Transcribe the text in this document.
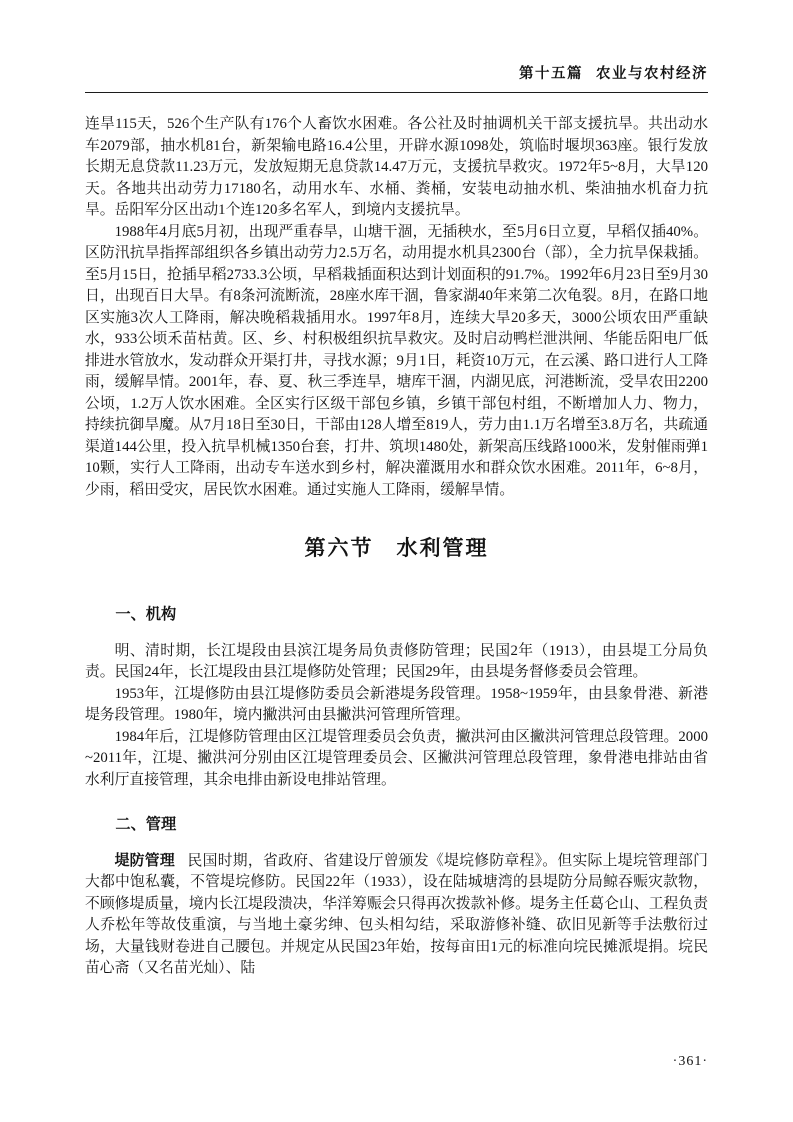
第十五篇 农业与农村经济

连旱115天，526个生产队有176个人畜饮水困难。各公社及时抽调机关干部支援抗旱。共出动水车2079部，抽水机81台，新架输电路16.4公里，开辟水源1098处，筑临时堰坝363座。银行发放长期无息贷款11.23万元，发放短期无息贷款14.47万元，支援抗旱救灾。1972年5~8月，大旱120天。各地共出动劳力17180名，动用水车、水桶、粪桶，安装电动抽水机、柴油抽水机奋力抗旱。岳阳军分区出动1个连120多名军人，到境内支援抗旱。

1988年4月底5月初，出现严重春旱，山塘干涸，无插秧水，至5月6日立夏，早稻仅插40%。区防汛抗旱指挥部组织各乡镇出动劳力2.5万名，动用提水机具2300台（部），全力抗旱保栽插。至5月15日，抢插早稻2733.3公顷，早稻栽插面积达到计划面积的91.7%。1992年6月23日至9月30日，出现百日大旱。有8条河流断流，28座水库干涸，鲁家湖40年来第二次龟裂。8月，在路口地区实施3次人工降雨，解决晚稻栽插用水。1997年8月，连续大旱20多天，3000公顷农田严重缺水，933公顷禾苗枯黄。区、乡、村积极组织抗旱救灾。及时启动鸭栏泄洪闸、华能岳阳电厂低排进水管放水，发动群众开渠打井，寻找水源；9月1日，耗资10万元，在云溪、路口进行人工降雨，缓解旱情。2001年，春、夏、秋三季连旱，塘库干涸，内湖见底，河港断流，受旱农田2200公顷，1.2万人饮水困难。全区实行区级干部包乡镇，乡镇干部包村组，不断增加人力、物力，持续抗御旱魔。从7月18日至30日，干部由128人增至819人，劳力由1.1万名增至3.8万名，共疏通渠道144公里，投入抗旱机械1350台套，打井、筑坝1480处，新架高压线路1000米，发射催雨弹110颗，实行人工降雨，出动专车送水到乡村，解决灌溉用水和群众饮水困难。2011年，6~8月，少雨，稻田受灾，居民饮水困难。通过实施人工降雨，缓解旱情。

第六节　水利管理
一、机构

明、清时期，长江堤段由县滨江堤务局负责修防管理；民国2年（1913），由县堤工分局负责。民国24年，长江堤段由县江堤修防处管理；民国29年，由县堤务督修委员会管理。

1953年，江堤修防由县江堤修防委员会新港堤务段管理。1958~1959年，由县象骨港、新港堤务段管理。1980年，境内撇洪河由县撇洪河管理所管理。

1984年后，江堤修防管理由区江堤管理委员会负责，撇洪河由区撇洪河管理总段管理。2000~2011年，江堤、撇洪河分别由区江堤管理委员会、区撇洪河管理总段管理，象骨港电排站由省水利厅直接管理，其余电排由新设电排站管理。

二、管理

堤防管理 民国时期，省政府、省建设厅曾颁发《堤垸修防章程》。但实际上堤垸管理部门大都中饱私囊，不管堤垸修防。民国22年（1933），设在陆城塘湾的县堤防分局鲸吞赈灾款物，不顾修堤质量，境内长江堤段溃决，华洋筹赈会只得再次拨款补修。堤务主任葛仑山、工程负责人乔松年等故伎重演，与当地土豪劣绅、包头相勾结，采取游修补缝、砍旧见新等手法敷衍过场，大量钱财卷进自己腰包。并规定从民国23年始，按每亩田1元的标准向垸民摊派堤捐。垸民苗心斋（又名苗光灿）、陆

·361·
